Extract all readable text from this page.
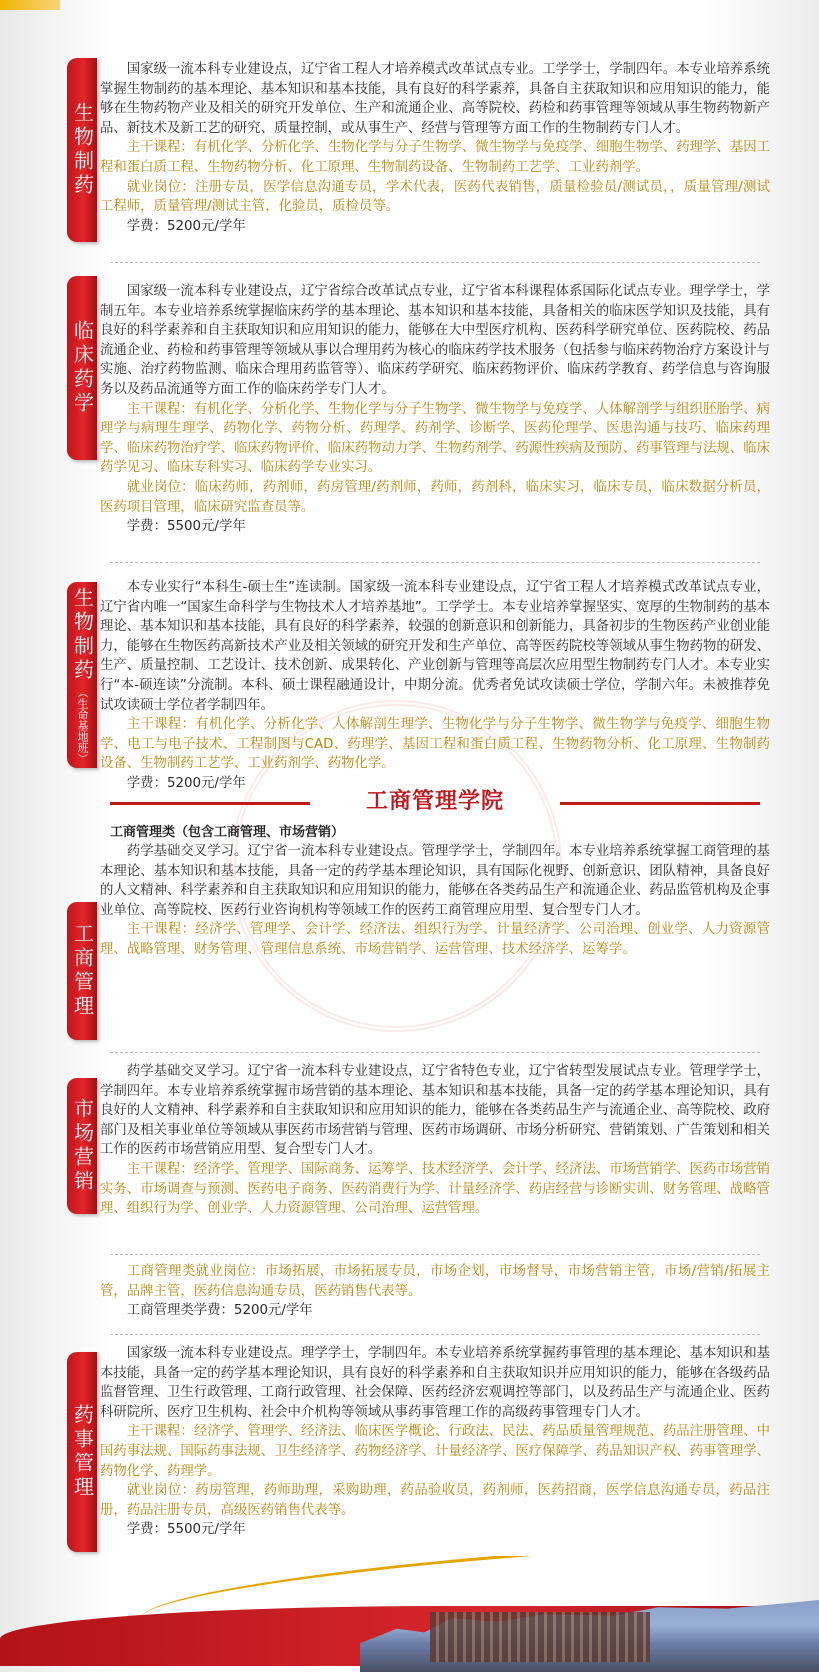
生物制药

国家级一流本科专业建设点，辽宁省工程人才培养模式改革试点专业。工学学士，学制四年。本专业培养系统掌握生物制药的基本理论、基本知识和基本技能，具有良好的科学素养，具备自主获取知识和应用知识的能力，能够在生物药物产业及相关的研究开发单位、生产和流通企业、高等院校、药检和药事管理等领域从事生物药物新产品、新技术及新工艺的研究、质量控制，或从事生产、经营与管理等方面工作的生物制药专门人才。

主干课程：有机化学、分析化学、生物化学与分子生物学、微生物学与免疫学、细胞生物学、药理学、基因工程和蛋白质工程、生物药物分析、化工原理、生物制药设备、生物制药工艺学、工业药剂学。

就业岗位：注册专员，医学信息沟通专员，学术代表，医药代表销售，质量检验员/测试员，，质量管理/测试工程师，质量管理/测试主管，化验员，质检员等。

学费：5200元/学年

临床药学

国家级一流本科专业建设点，辽宁省综合改革试点专业，辽宁省本科课程体系国际化试点专业。理学学士，学制五年。本专业培养系统掌握临床药学的基本理论、基本知识和基本技能，具备相关的临床医学知识及技能，具有良好的科学素养和自主获取知识和应用知识的能力，能够在大中型医疗机构、医药科学研究单位、医药院校、药品流通企业、药检和药事管理等领域从事以合理用药为核心的临床药学技术服务（包括参与临床药物治疗方案设计与实施、治疗药物监测、临床合理用药监管等）、临床药学研究、临床药物评价、临床药学教育、药学信息与咨询服务以及药品流通等方面工作的临床药学专门人才。

主干课程：有机化学、分析化学、生物化学与分子生物学、微生物学与免疫学、人体解剖学与组织胚胎学、病理学与病理生理学、药物化学、药物分析、药理学、药剂学、诊断学、医药伦理学、医患沟通与技巧、临床药理学、临床药物治疗学、临床药物评价、临床药物动力学、生物药剂学、药源性疾病及预防、药事管理与法规、临床药学见习、临床专科实习、临床药学专业实习。

就业岗位：临床药师，药剂师，药房管理/药剂师，药师，药剂科，临床实习，临床专员，临床数据分析员，医药项目管理，临床研究监查员等。

学费：5500元/学年

生物制药
（生命基地班）

本专业实行“本科生-硕士生”连读制。国家级一流本科专业建设点，辽宁省工程人才培养模式改革试点专业，辽宁省内唯一“国家生命科学与生物技术人才培养基地”。工学学士。本专业培养掌握坚实、宽厚的生物制药的基本理论、基本知识和基本技能，具有良好的科学素养，较强的创新意识和创新能力，具备初步的生物医药产业创业能力，能够在生物医药高新技术产业及相关领域的研究开发和生产单位、高等医药院校等领域从事生物药物的研发、生产、质量控制、工艺设计、技术创新、成果转化、产业创新与管理等高层次应用型生物制药专门人才。本专业实行“本-硕连读”分流制。本科、硕士课程融通设计，中期分流。优秀者免试攻读硕士学位，学制六年。未被推荐免试攻读硕士学位者学制四年。

主干课程：有机化学、分析化学、人体解剖生理学、生物化学与分子生物学、微生物学与免疫学、细胞生物学、电工与电子技术、工程制图与CAD、药理学、基因工程和蛋白质工程、生物药物分析、化工原理、生物制药设备、生物制药工艺学、工业药剂学、药物化学。

学费：5200元/学年

工商管理学院
工商管理类（包含工商管理、市场营销）
工商管理

药学基础交叉学习。辽宁省一流本科专业建设点。管理学学士，学制四年。本专业培养系统掌握工商管理的基本理论、基本知识和基本技能，具备一定的药学基本理论知识，具有国际化视野、创新意识、团队精神，具备良好的人文精神、科学素养和自主获取知识和应用知识的能力，能够在各类药品生产和流通企业、药品监管机构及企事业单位、高等院校、医药行业咨询机构等领域工作的医药工商管理应用型、复合型专门人才。

主干课程：经济学、管理学、会计学、经济法、组织行为学、计量经济学、公司治理、创业学、人力资源管理、战略管理、财务管理、管理信息系统、市场营销学、运营管理、技术经济学、运筹学。

市场营销

药学基础交叉学习。辽宁省一流本科专业建设点，辽宁省特色专业，辽宁省转型发展试点专业。管理学学士，学制四年。本专业培养系统掌握市场营销的基本理论、基本知识和基本技能，具备一定的药学基本理论知识，具有良好的人文精神、科学素养和自主获取知识和应用知识的能力，能够在各类药品生产与流通企业、高等院校、政府部门及相关事业单位等领域从事医药市场营销与管理、医药市场调研、市场分析研究、营销策划、广告策划和相关工作的医药市场营销应用型、复合型专门人才。

主干课程：经济学、管理学、国际商务、运筹学、技术经济学、会计学、经济法、市场营销学、医药市场营销实务、市场调查与预测、医药电子商务、医药消费行为学、计量经济学、药店经营与诊断实训、财务管理、战略管理、组织行为学、创业学、人力资源管理、公司治理、运营管理。

工商管理类就业岗位：市场拓展，市场拓展专员，市场企划，市场督导，市场营销主管，市场/营销/拓展主管，品牌主管，医药信息沟通专员，医药销售代表等。

工商管理类学费：5200元/学年

药事管理

国家级一流本科专业建设点。理学学士，学制四年。本专业培养系统掌握药事管理的基本理论、基本知识和基本技能，具备一定的药学基本理论知识，具有良好的科学素养和自主获取知识并应用知识的能力，能够在各级药品监督管理、卫生行政管理、工商行政管理、社会保障、医药经济宏观调控等部门，以及药品生产与流通企业、医药科研院所、医疗卫生机构、社会中介机构等领域从事药事管理工作的高级药事管理专门人才。

主干课程：经济学、管理学、经济法、临床医学概论、行政法、民法、药品质量管理规范、药品注册管理、中国药事法规、国际药事法规、卫生经济学、药物经济学、计量经济学、医疗保障学、药品知识产权、药事管理学、药物化学、药理学。

就业岗位：药房管理，药师助理，采购助理，药品验收员，药剂师，医药招商，医学信息沟通专员，药品注册，药品注册专员，高级医药销售代表等。

学费：5500元/学年
